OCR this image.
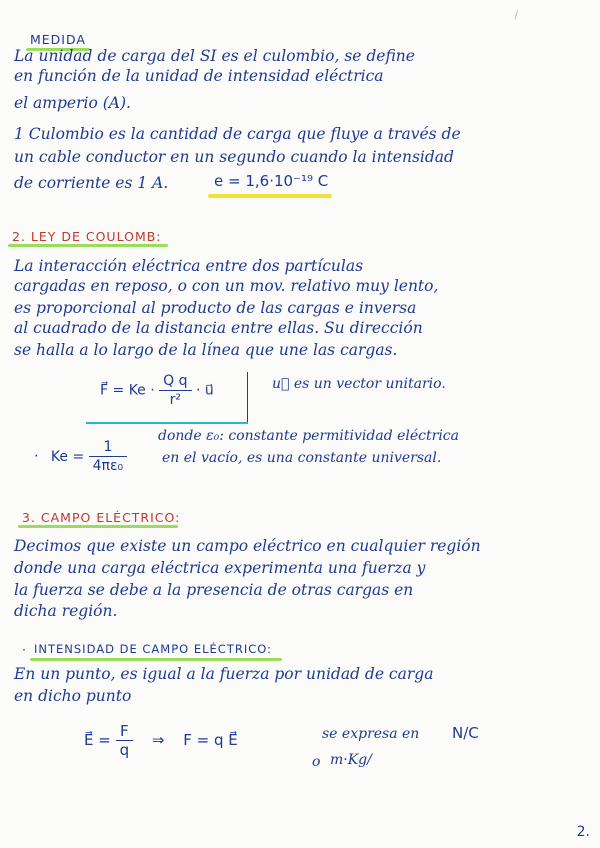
/
MEDIDA
La unidad de carga del SI es el culombio, se define
en función de la unidad de intensidad eléctrica
el amperio (A).
1 Culombio es la cantidad de carga que fluye a través de
un cable conductor en un segundo cuando la intensidad
de corriente es 1 A.	e = 1,6·10⁻¹⁹ C
2. LEY DE COULOMB:
La interacción eléctrica entre dos partículas
cargadas en reposo, o con un mov. relativo muy lento,
es proporcional al producto de las cargas e inversa
al cuadrado de la distancia entre ellas. Su dirección
se halla a lo largo de la línea que une las cargas.
F⃗ = $Ke \cdot \frac{\text{Q q}}{\text{r²}}$ · u⃗	u⃗ es un vector unitario.
· $Ke = \frac{1}{\text{4πε₀}}$
donde ε₀: constante permitividad eléctrica
en el vacío, es una constante universal.
3. CAMPO ELÉCTRICO:
Decimos que existe un campo eléctrico en cualquier región
donde una carga eléctrica experimenta una fuerza y
la fuerza se debe a la presencia de otras cargas en
dicha región.
· INTENSIDAD DE CAMPO ELÉCTRICO:
En un punto, es igual a la fuerza por unidad de carga
en dicho punto
E⃗ = $\frac{F}{q}$ ⇒ F = q E⃗	se expresa en N/C
o m·Kg/
2.
